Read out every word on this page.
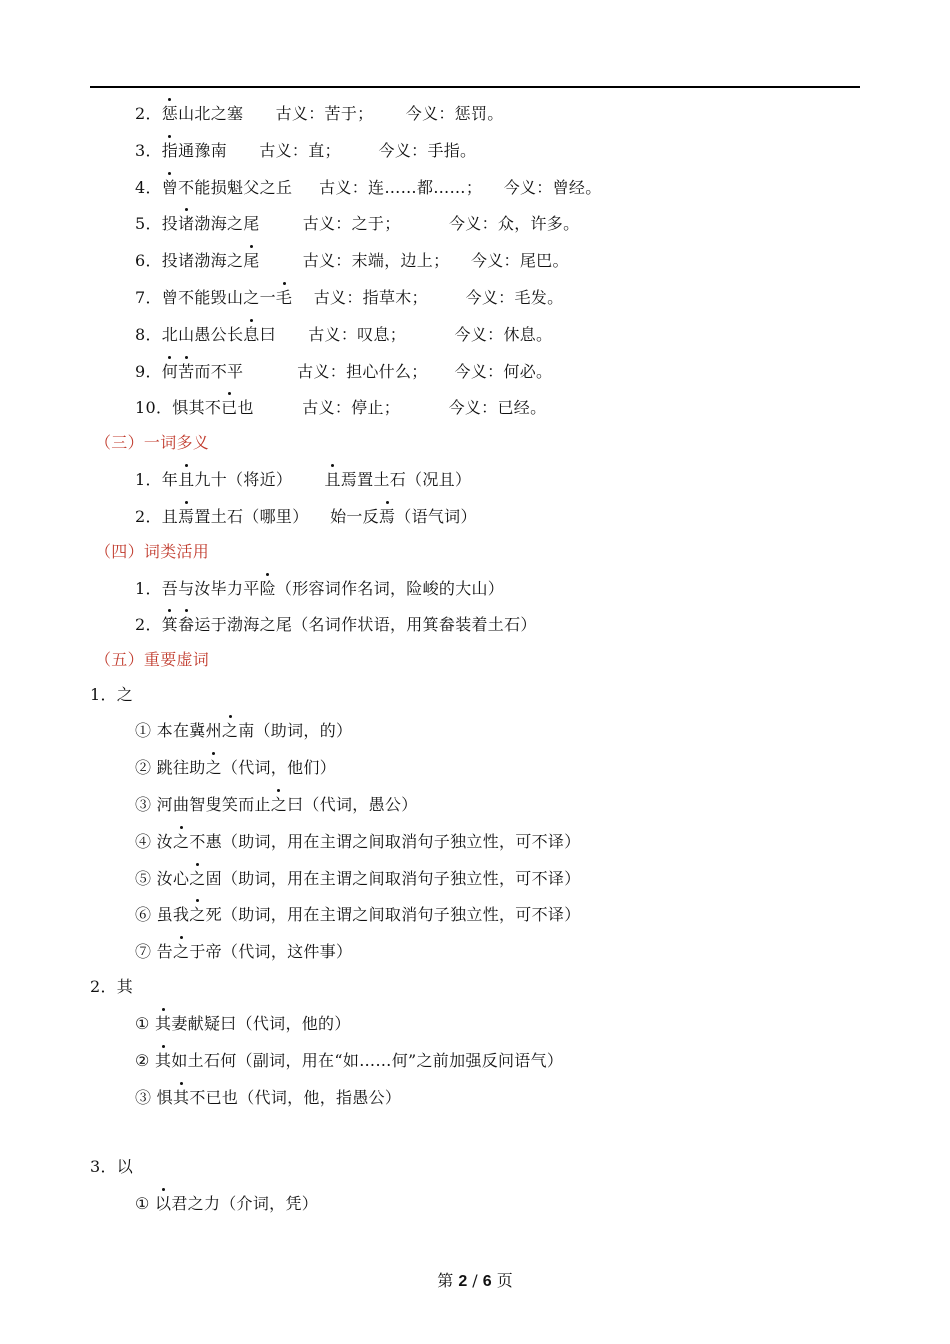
2．惩山北之塞 古义：苦于； 今义：惩罚。
3．指通豫南 古义：直； 今义：手指。
4．曾不能损魁父之丘 古义：连……都……； 今义：曾经。
5．投诸渤海之尾	古义：之于；	今义：众，许多。
6．投诸渤海之尾	古义：末端，边上； 今义：尾巴。
7．曾不能毁山之一毛 古义：指草木； 今义：毛发。
8．北山愚公长息曰 古义：叹息；	今义：休息。
9．何苦而不平	古义：担心什么； 今义：何必。
10．惧其不已也	古义：停止；	今义：已经。
（三）一词多义
1．年且九十（将近） 且焉置土石（况且）
2．且焉置土石（哪里） 始一反焉（语气词）
（四）词类活用
1．吾与汝毕力平险（形容词作名词，险峻的大山）
2．箕畚运于渤海之尾（名词作状语，用箕畚装着土石）
（五）重要虚词
1．之
① 本在冀州之南（助词，的）
② 跳往助之（代词，他们）
③ 河曲智叟笑而止之曰（代词，愚公）
④ 汝之不惠（助词，用在主谓之间取消句子独立性，可不译）
⑤ 汝心之固（助词，用在主谓之间取消句子独立性，可不译）
⑥ 虽我之死（助词，用在主谓之间取消句子独立性，可不译）
⑦ 告之于帝（代词，这件事）
2．其
① 其妻献疑曰（代词，他的）
② 其如土石何（副词，用在“如……何”之前加强反问语气）
③ 惧其不已也（代词，他，指愚公）
3．以
① 以君之力（介词，凭）
第 2 / 6 页
